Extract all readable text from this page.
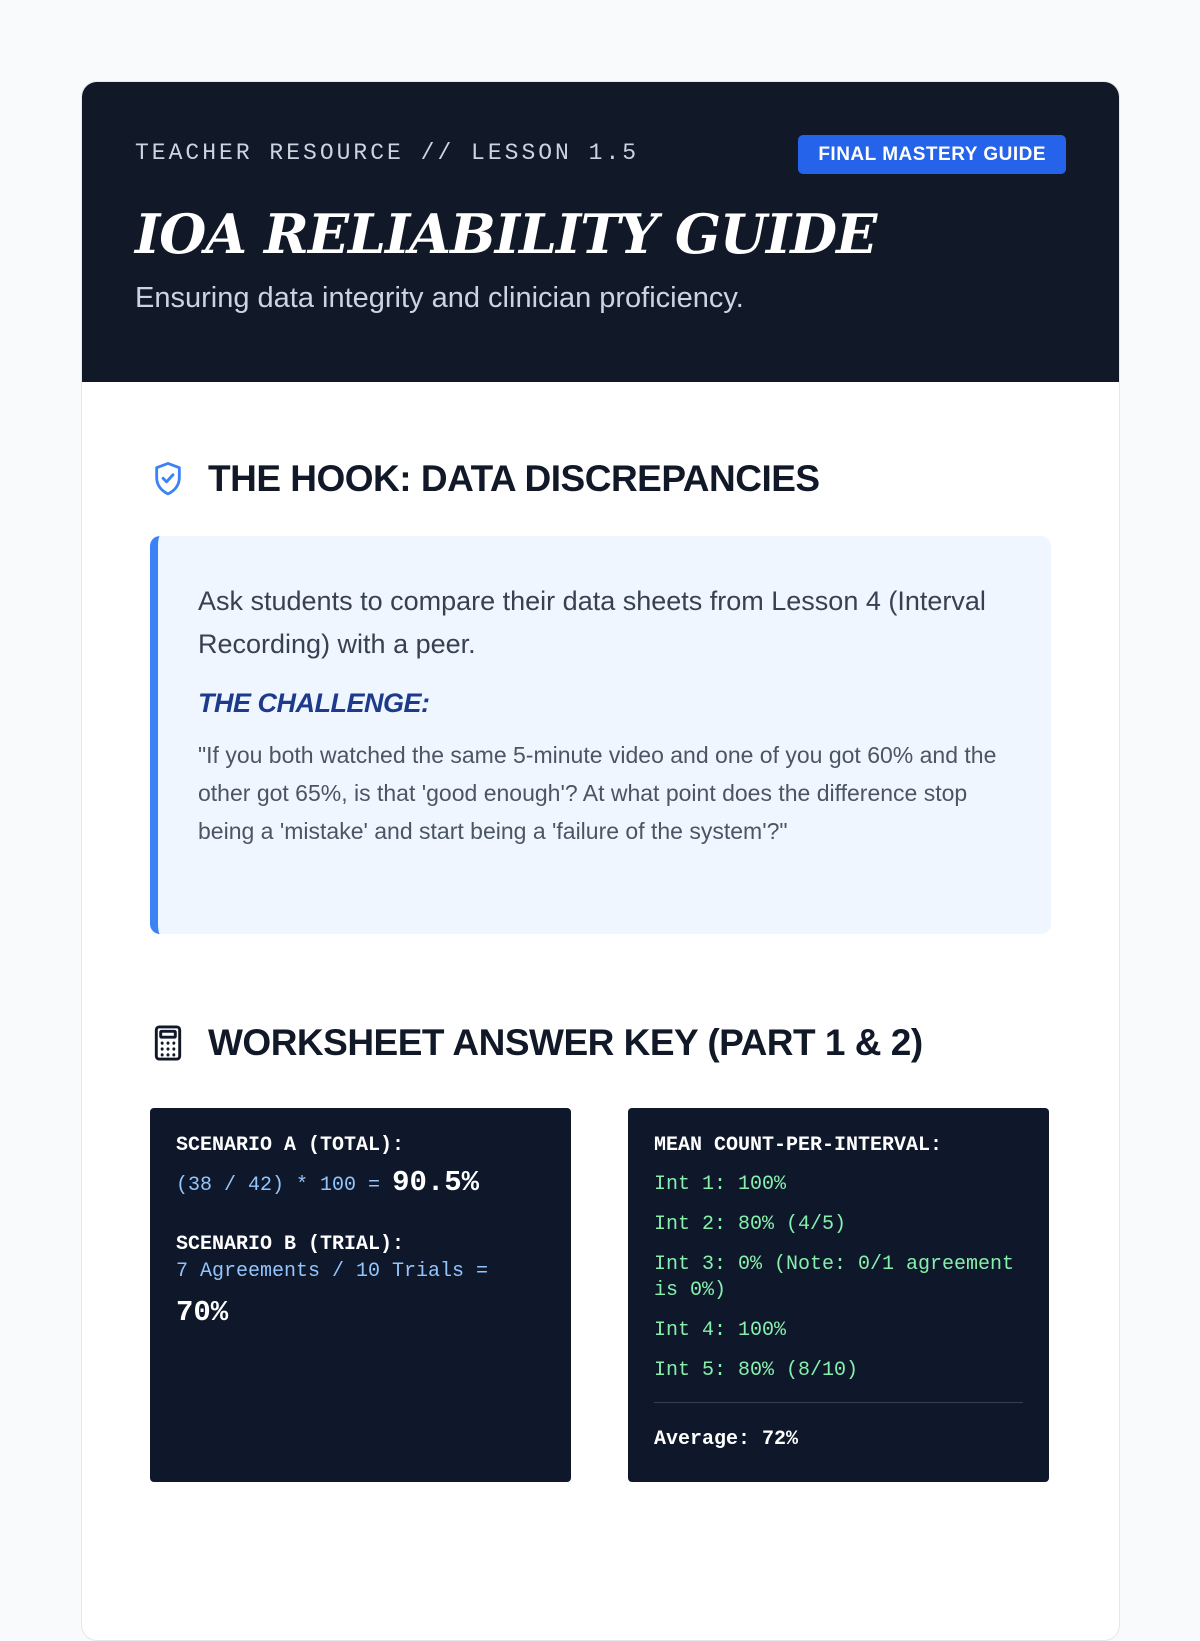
TEACHER RESOURCE // LESSON 1.5	FINAL MASTERY GUIDE
IOA RELIABILITY GUIDE
Ensuring data integrity and clinician proficiency.
THE HOOK: DATA DISCREPANCIES

Ask students to compare their data sheets from Lesson 4 (Interval Recording) with a peer.

THE CHALLENGE:

"If you both watched the same 5-minute video and one of you got 60% and the other got 65%, is that 'good enough'? At what point does the difference stop being a 'mistake' and start being a 'failure of the system'?"

WORKSHEET ANSWER KEY (PART 1 & 2)
SCENARIO A (TOTAL):
(38 / 42) * 100 = 90.5%
SCENARIO B (TRIAL):
7 Agreements / 10 Trials =
70%
MEAN COUNT-PER-INTERVAL:
Int 1: 100%
Int 2: 80% (4/5)
Int 3: 0% (Note: 0/1 agreement is 0%)
Int 4: 100%
Int 5: 80% (8/10)
Average: 72%
